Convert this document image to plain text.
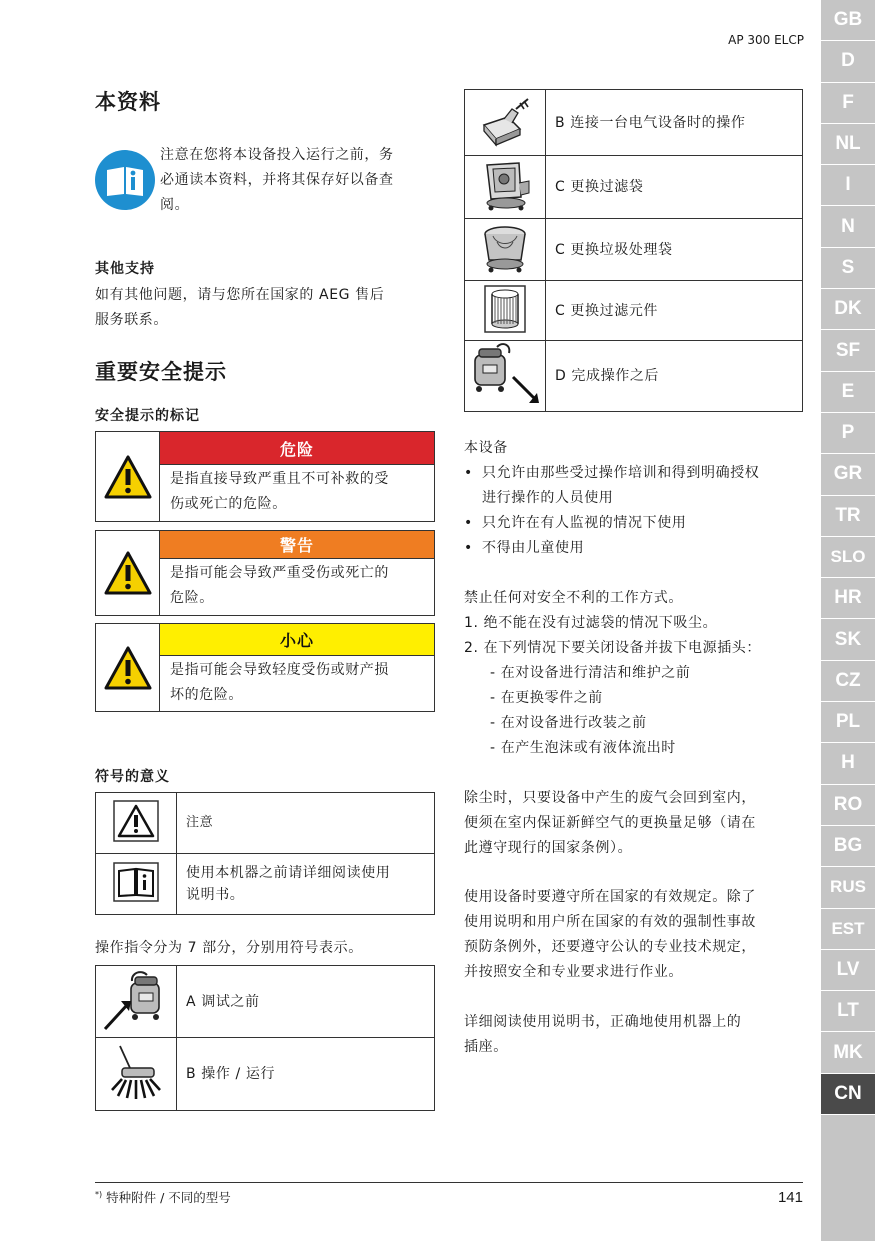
AP 300 ELCP
GB
D
F
NL
I
N
S
DK
SF
E
P
GR
TR
SLO
HR
SK
CZ
PL
H
RO
BG
RUS
EST
LV
LT
MK
CN
本资料

注意在您将本设备投入运行之前，务

必通读本资料，并将其保存好以备查

阅。

其他支持

如有其他问题，请与您所在国家的 AEG 售后

服务联系。

重要安全提示
安全提示的标记
危险

是指直接导致严重且不可补救的受

伤或死亡的危险。

警告

是指可能会导致严重受伤或死亡的

危险。

小心

是指可能会导致轻度受伤或财产损

坏的危险。

符号的意义
	注意

使用本机器之前请详细阅读使用
说明书。

操作指令分为 7 部分，分别用符号表示。

	A 调试之前
	B 操作 / 运行
	B 连接一台电气设备时的操作
	C 更换过滤袋
	C 更换垃圾处理袋
	C 更换过滤元件
	D 完成操作之后

本设备

• 只允许由那些受过操作培训和得到明确授权
进行操作的人员使用
• 只允许在有人监视的情况下使用
• 不得由儿童使用

禁止任何对安全不利的工作方式。

1. 绝不能在没有过滤袋的情况下吸尘。
2. 在下列情况下要关闭设备并拔下电源插头：
- 在对设备进行清洁和维护之前
- 在更换零件之前
- 在对设备进行改装之前
- 在产生泡沫或有液体流出时

除尘时，只要设备中产生的废气会回到室内，

便须在室内保证新鲜空气的更换量足够（请在

此遵守现行的国家条例）。

使用设备时要遵守所在国家的有效规定。除了

使用说明和用户所在国家的有效的强制性事故

预防条例外，还要遵守公认的专业技术规定，

并按照安全和专业要求进行作业。

详细阅读使用说明书，正确地使用机器上的

插座。

*) 特种附件 / 不同的型号	141
